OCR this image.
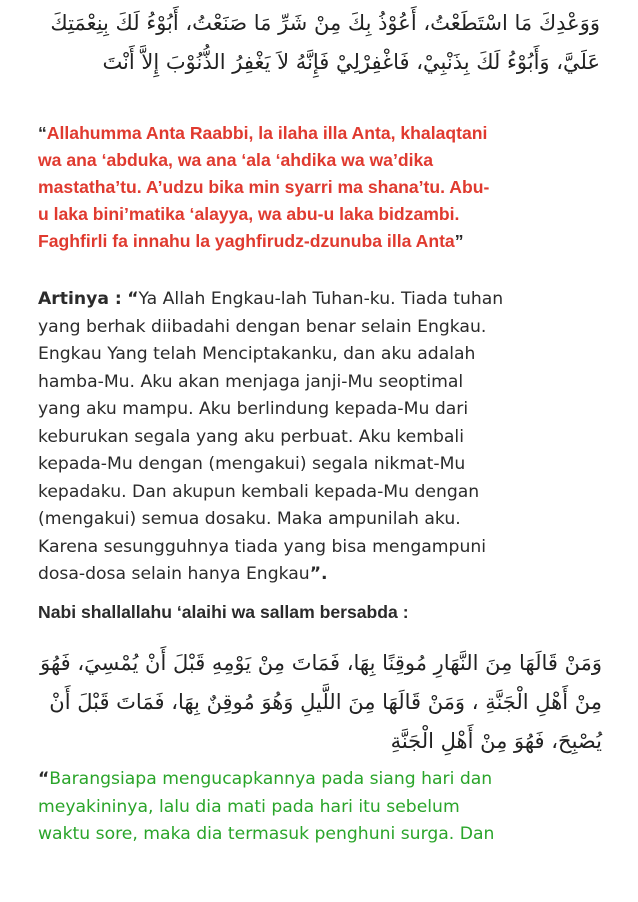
وَوَعْدِكَ مَا اسْتَطَعْتُ، أَعُوْذُ بِكَ مِنْ شَرِّ مَا صَنَعْتُ، أَبُوْءُ لَكَ بِنِعْمَتِكَ
عَلَيَّ، وَأَبُوْءُ لَكَ بِذَنْبِيْ، فَاغْفِرْلِيْ فَإِنَّهُ لاَ يَغْفِرُ الذُّنُوْبَ إِلاَّ أَنْتَ
“Allahumma Anta Raabbi, la ilaha illa Anta, khalaqtani
wa ana ‘abduka, wa ana ‘ala ‘ahdika wa wa’dika
mastatha’tu. A’udzu bika min syarri ma shana’tu. Abu-
u laka bini’matika ‘alayya, wa abu-u laka bidzambi.
Faghfirli fa innahu la yaghfirudz-dzunuba illa Anta”
Artinya : “Ya Allah Engkau-lah Tuhan-ku. Tiada tuhan
yang berhak diibadahi dengan benar selain Engkau.
Engkau Yang telah Menciptakanku, dan aku adalah
hamba-Mu. Aku akan menjaga janji-Mu seoptimal
yang aku mampu. Aku berlindung kepada-Mu dari
keburukan segala yang aku perbuat. Aku kembali
kepada-Mu dengan (mengakui) segala nikmat-Mu
kepadaku. Dan akupun kembali kepada-Mu dengan
(mengakui) semua dosaku. Maka ampunilah aku.
Karena sesungguhnya tiada yang bisa mengampuni
dosa-dosa selain hanya Engkau”.
Nabi shallallahu ‘alaihi wa sallam bersabda :
وَمَنْ قَالَهَا مِنَ النَّهَارِ مُوقِنًا بِهَا، فَمَاتَ مِنْ يَوْمِهِ قَبْلَ أَنْ يُمْسِيَ، فَهُوَ
مِنْ أَهْلِ الْجَنَّةِ ، وَمَنْ قَالَهَا مِنَ اللَّيلِ وَهُوَ مُوقِنٌ بِهَا، فَمَاتَ قَبْلَ أَنْ
يُصْبِحَ، فَهُوَ مِنْ أَهْلِ الْجَنَّةِ
“Barangsiapa mengucapkannya pada siang hari dan
meyakininya, lalu dia mati pada hari itu sebelum
waktu sore, maka dia termasuk penghuni surga. Dan
